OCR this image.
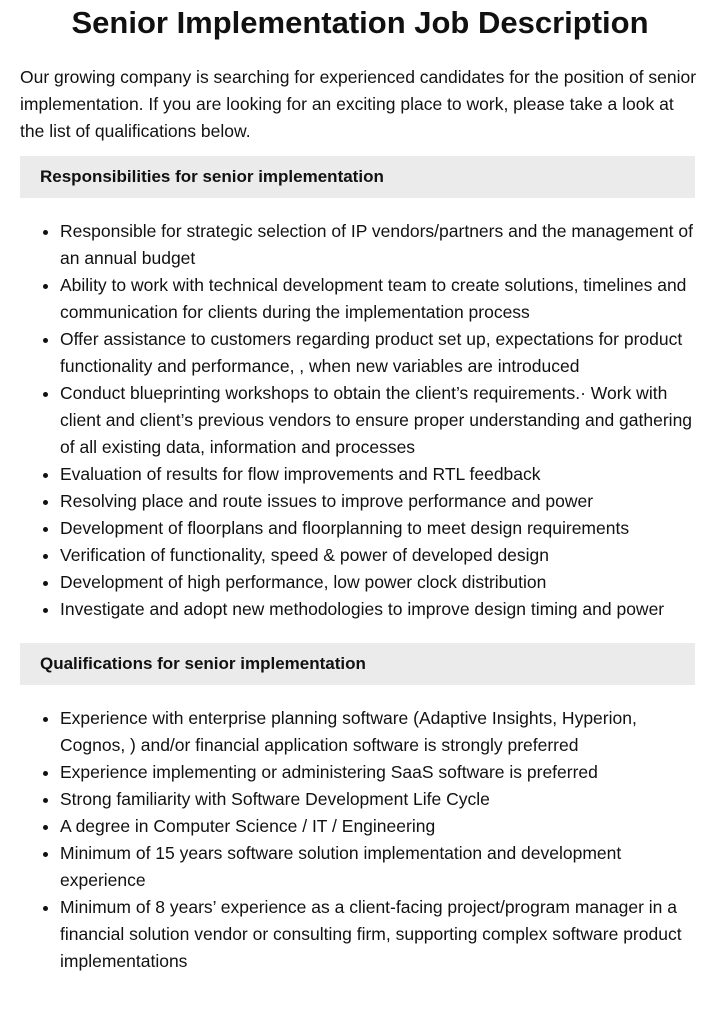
Senior Implementation Job Description

Our growing company is searching for experienced candidates for the position of senior implementation. If you are looking for an exciting place to work, please take a look at the list of qualifications below.

Responsibilities for senior implementation
• Responsible for strategic selection of IP vendors/partners and the management of an annual budget
• Ability to work with technical development team to create solutions, timelines and communication for clients during the implementation process
• Offer assistance to customers regarding product set up, expectations for product functionality and performance, , when new variables are introduced
• Conduct blueprinting workshops to obtain the client’s requirements.· Work with client and client’s previous vendors to ensure proper understanding and gathering of all existing data, information and processes
• Evaluation of results for flow improvements and RTL feedback
• Resolving place and route issues to improve performance and power
• Development of floorplans and floorplanning to meet design requirements
• Verification of functionality, speed & power of developed design
• Development of high performance, low power clock distribution
• Investigate and adopt new methodologies to improve design timing and power
Qualifications for senior implementation
• Experience with enterprise planning software (Adaptive Insights, Hyperion, Cognos, ) and/or financial application software is strongly preferred
• Experience implementing or administering SaaS software is preferred
• Strong familiarity with Software Development Life Cycle
• A degree in Computer Science / IT / Engineering
• Minimum of 15 years software solution implementation and development experience
• Minimum of 8 years’ experience as a client-facing project/program manager in a financial solution vendor or consulting firm, supporting complex software product implementations
